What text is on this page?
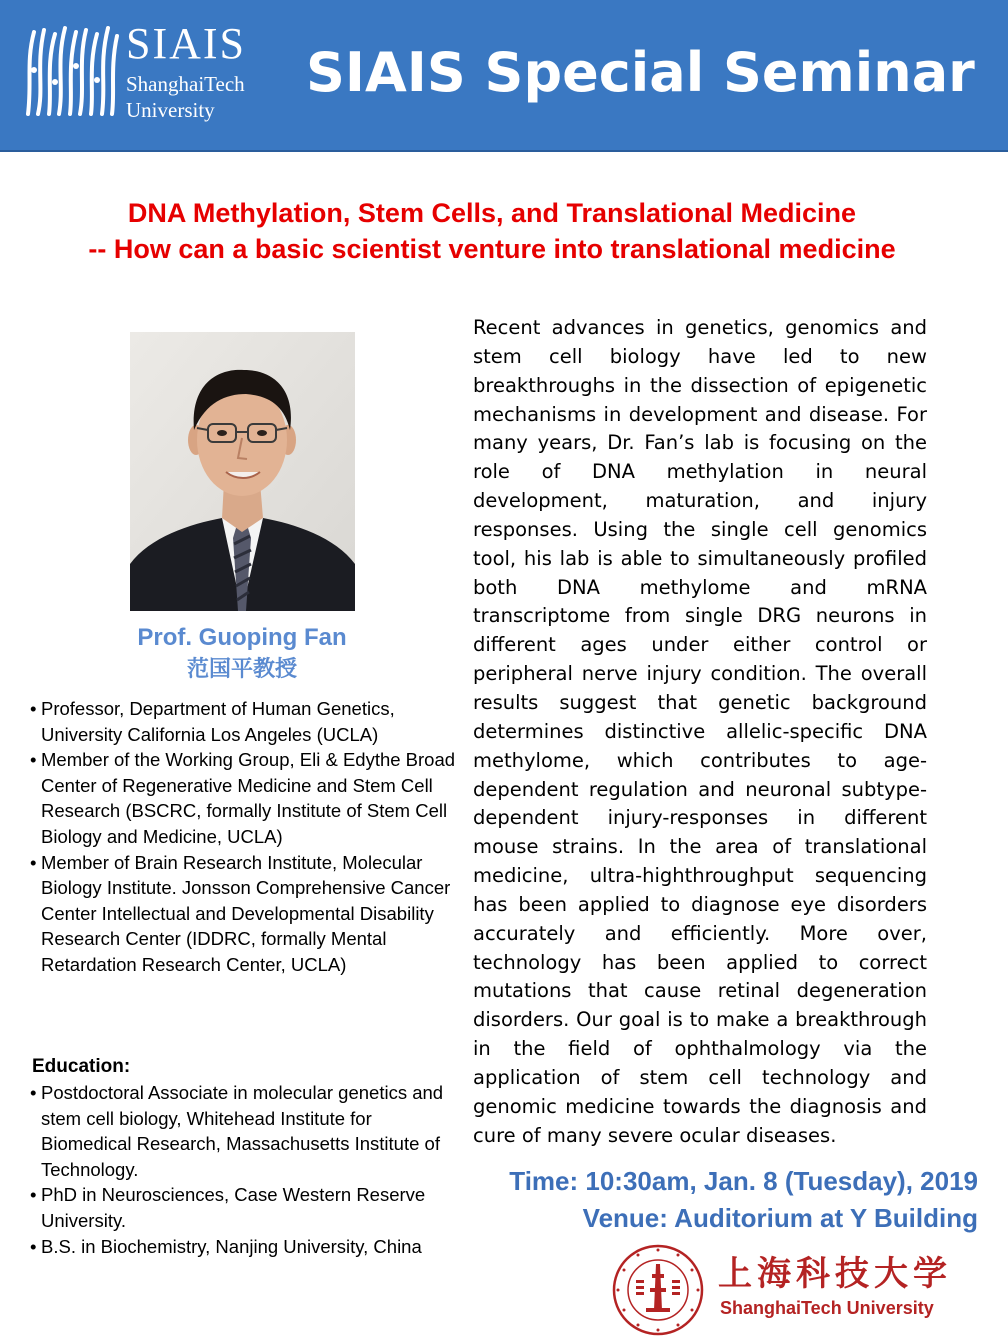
SIAIS
ShanghaiTech
University
SIAIS Special Seminar
DNA Methylation, Stem Cells, and Translational Medicine
-- How can a basic scientist venture into translational medicine
Prof. Guoping Fan
范国平教授
• Professor, Department of Human Genetics, University California Los Angeles (UCLA)
• Member of the Working Group, Eli & Edythe Broad Center of Regenerative Medicine and Stem Cell Research (BSCRC, formally Institute of Stem Cell Biology and Medicine, UCLA)
• Member of Brain Research Institute, Molecular Biology Institute. Jonsson Comprehensive Cancer Center Intellectual and Developmental Disability Research Center (IDDRC, formally Mental Retardation Research Center, UCLA)
Education:
• Postdoctoral Associate in molecular genetics and stem cell biology, Whitehead Institute for Biomedical Research, Massachusetts Institute of Technology.
• PhD in Neurosciences, Case Western Reserve University.
• B.S. in Biochemistry, Nanjing University, China

Recent advances in genetics, genomics and stem cell biology have led to new breakthroughs in the dissection of epigenetic mechanisms in development and disease. For many years, Dr. Fan’s lab is focusing on the role of DNA methylation in neural development, maturation, and injury responses. Using the single cell genomics tool, his lab is able to simultaneously profiled both DNA methylome and mRNA transcriptome from single DRG neurons in different ages under either control or peripheral nerve injury condition. The overall results suggest that genetic background determines distinctive allelic-specific DNA methylome, which contributes to age-dependent regulation and neuronal subtype-dependent injury-responses in different mouse strains. In the area of translational medicine, ultra-highthroughput sequencing has been applied to diagnose eye disorders accurately and efficiently. More over, technology has been applied to correct mutations that cause retinal degeneration disorders. Our goal is to make a breakthrough in the field of ophthalmology via the application of stem cell technology and genomic medicine towards the diagnosis and cure of many severe ocular diseases.

Time: 10:30am, Jan. 8 (Tuesday), 2019
Venue: Auditorium at Y Building
上海科技大学
ShanghaiTech University
